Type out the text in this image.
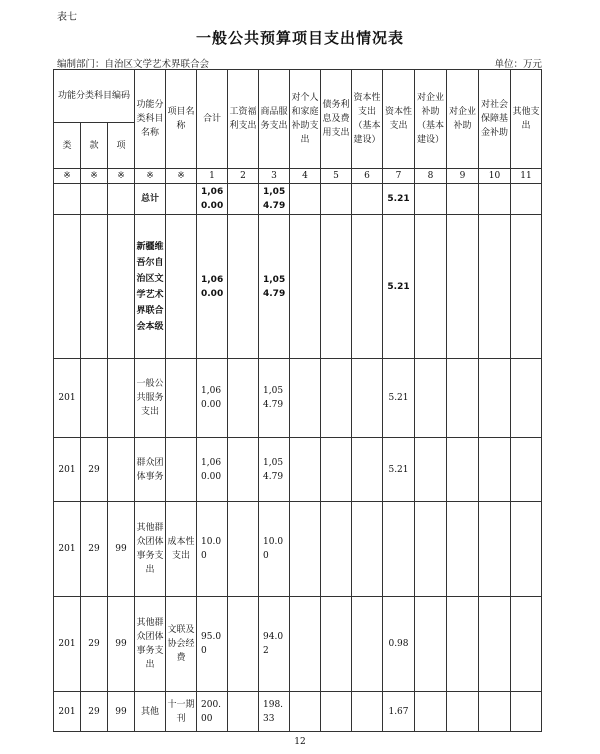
表七
一般公共预算项目支出情况表
编制部门：自治区文学艺术界联合会	单位：万元
功能分类科目编码			功能分类科目名称	项目名称	合计	工资福利支出	商品服务支出	对个人和家庭补助支出	债务利息及费用支出	资本性支出（基本建设）	资本性支出	对企业补助（基本建设）	对企业补助	对社会保障基金补助	其他支出
类	款	项													
※	※	※	※	※	1	2	3	4	5	6	7	8	9	10	11
			总计		1,060.00		1,054.79				5.21				
			新疆维吾尔自治区文学艺术界联合会本级		1,060.00		1,054.79				5.21				
201			一般公共服务支出		1,060.00		1,054.79				5.21				
201	29		群众团体事务		1,060.00		1,054.79				5.21				
201	29	99	其他群众团体事务支出	成本性支出	10.00		10.00								
201	29	99	其他群众团体事务支出	文联及协会经费	95.00		94.02				0.98				
201	29	99	其他	十一期刊	200.00		198.33				1.67				
12
